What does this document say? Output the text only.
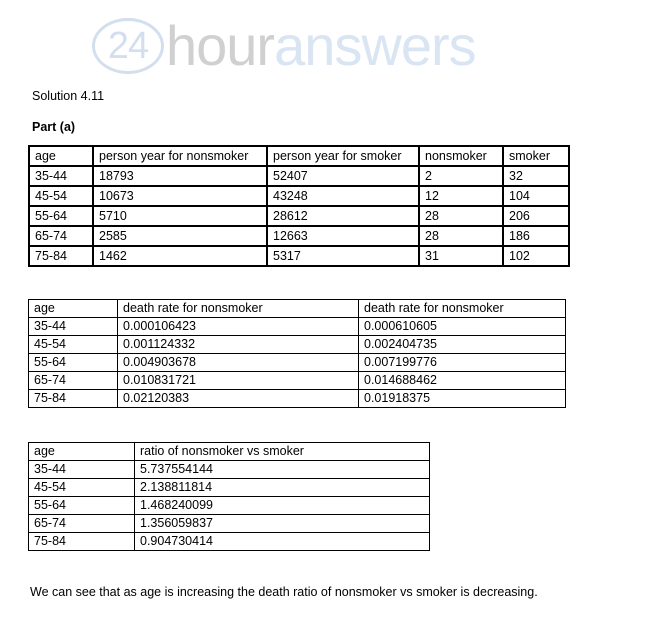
24 hour answers
Solution 4.11
Part (a)
age	person year for nonsmoker	person year for smoker	nonsmoker	smoker
35-44	18793	52407	2	32
45-54	10673	43248	12	104
55-64	5710	28612	28	206
65-74	2585	12663	28	186
75-84	1462	5317	31	102
age	death rate for nonsmoker	death rate for nonsmoker
35-44	0.000106423	0.000610605
45-54	0.001124332	0.002404735
55-64	0.004903678	0.007199776
65-74	0.010831721	0.014688462
75-84	0.02120383	0.01918375
age	ratio of nonsmoker vs smoker
35-44	5.737554144
45-54	2.138811814
55-64	1.468240099
65-74	1.356059837
75-84	0.904730414
We can see that as age is increasing the death ratio of nonsmoker vs smoker is decreasing.
